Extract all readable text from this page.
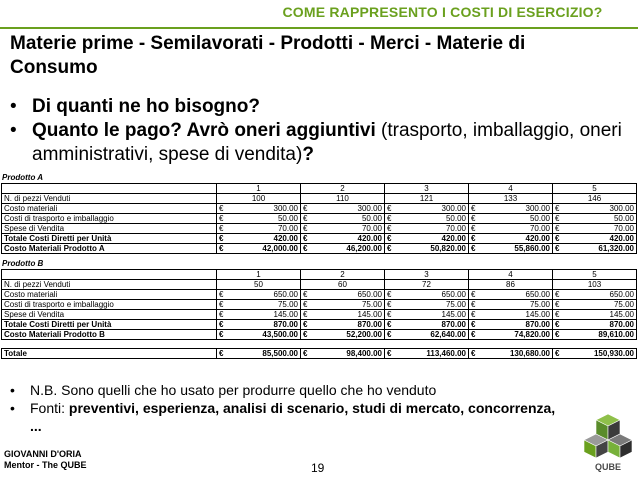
COME RAPPRESENTO I COSTI DI ESERCIZIO?
Materie prime - Semilavorati - Prodotti - Merci - Materie di Consumo
• Di quanti ne ho bisogno?
• Quanto le pago? Avrò oneri aggiuntivi (trasporto, imballaggio, oneri amministrativi, spese di vendita)?
Prodotto A
	1		2		3		4		5	
N. di pezzi Venduti	100		110		121		133		146	
Costo materiali	€	300.00	€	300.00	€	300.00	€	300.00	€	300.00
Costi di trasporto e imballaggio	€	50.00	€	50.00	€	50.00	€	50.00	€	50.00
Spese di Vendita	€	70.00	€	70.00	€	70.00	€	70.00	€	70.00
Totale Costi Diretti per Unità	€	420.00	€	420.00	€	420.00	€	420.00	€	420.00
Costo Materiali Prodotto A	€	42,000.00	€	46,200.00	€	50,820.00	€	55,860.00	€	61,320.00
Prodotto B
	1		2		3		4		5	
N. di pezzi Venduti	50		60		72		86		103	
Costo materiali	€	650.00	€	650.00	€	650.00	€	650.00	€	650.00
Costi di trasporto e imballaggio	€	75.00	€	75.00	€	75.00	€	75.00	€	75.00
Spese di Vendita	€	145.00	€	145.00	€	145.00	€	145.00	€	145.00
Totale Costi Diretti per Unità	€	870.00	€	870.00	€	870.00	€	870.00	€	870.00
Costo Materiali Prodotto B	€	43,500.00	€	52,200.00	€	62,640.00	€	74,820.00	€	89,610.00
Totale	€	85,500.00	€	98,400.00	€	113,460.00	€	130,680.00	€	150,930.00
• N.B. Sono quelli che ho usato per produrre quello che ho venduto
• Fonti: preventivi, esperienza, analisi di scenario, studi di mercato, concorrenza, ...
GIOVANNI D'ORIA
Mentor - The QUBE	19	QUBE
